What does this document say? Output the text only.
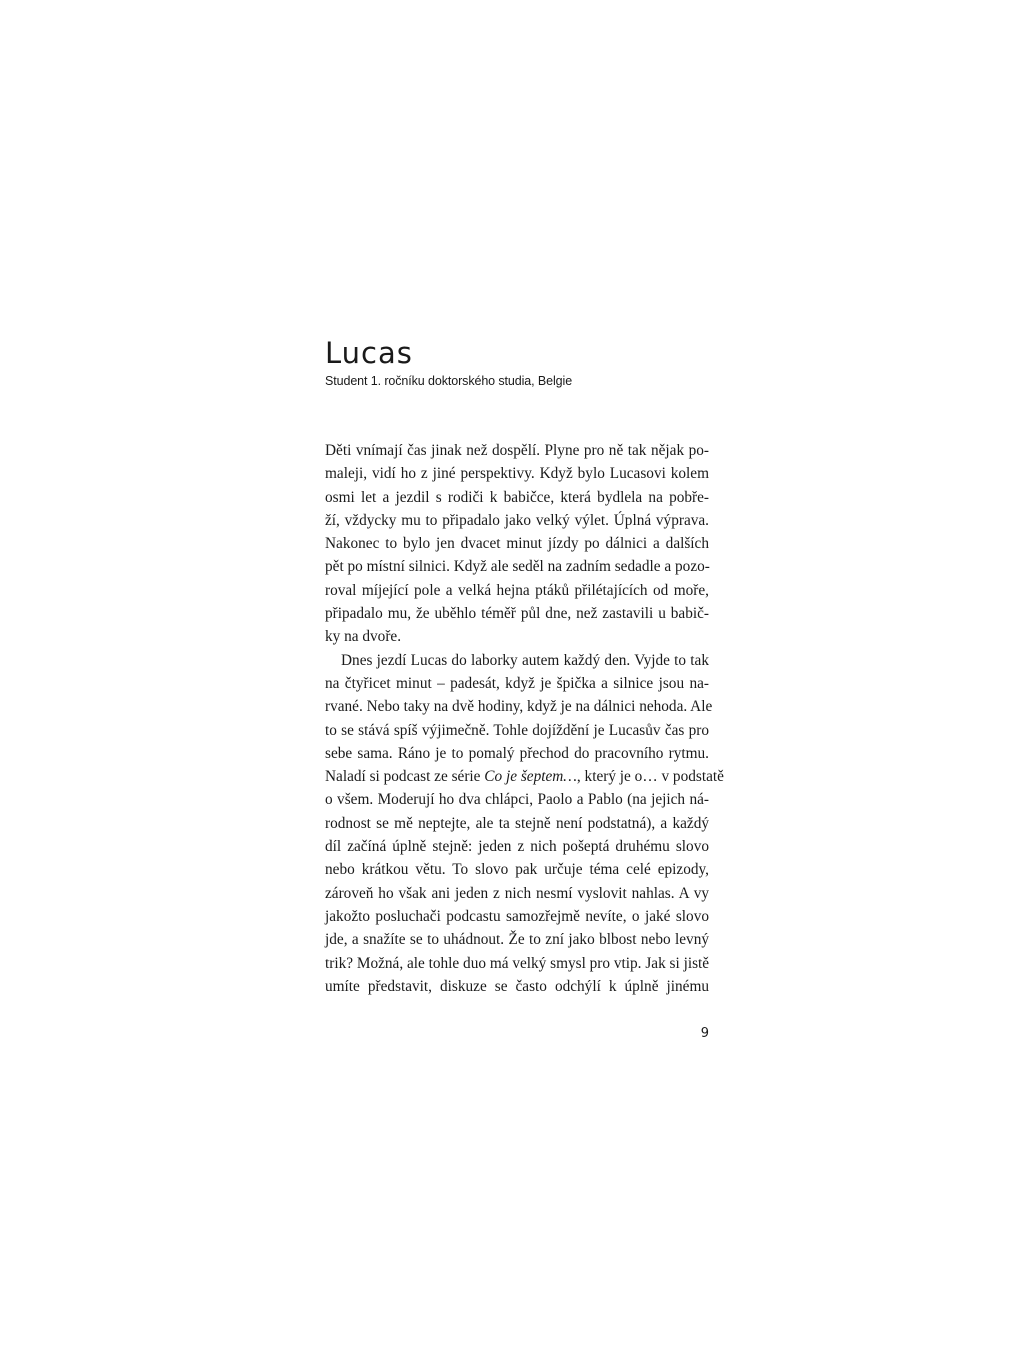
Lucas

Student 1. ročníku doktorského studia, Belgie

Děti vnímají čas jinak než dospělí. Plyne pro ně tak nějak po-
maleji, vidí ho z jiné perspektivy. Když bylo Lucasovi kolem
osmi let a jezdil s rodiči k babičce, která bydlela na pobře-
ží, vždycky mu to připadalo jako velký výlet. Úplná výprava.
Nakonec to bylo jen dvacet minut jízdy po dálnici a dalších
pět po místní silnici. Když ale seděl na zadním sedadle a pozo-
roval míjející pole a velká hejna ptáků přilétajících od moře,
připadalo mu, že uběhlo téměř půl dne, než zastavili u babič-
ky na dvoře.
Dnes jezdí Lucas do laborky autem každý den. Vyjde to tak
na čtyřicet minut – padesát, když je špička a silnice jsou na-
rvané. Nebo taky na dvě hodiny, když je na dálnici nehoda. Ale
to se stává spíš výjimečně. Tohle dojíždění je Lucasův čas pro
sebe sama. Ráno je to pomalý přechod do pracovního rytmu.
Naladí si podcast ze série Co je šeptem…, který je o… v podstatě
o všem. Moderují ho dva chlápci, Paolo a Pablo (na jejich ná-
rodnost se mě neptejte, ale ta stejně není podstatná), a každý
díl začíná úplně stejně: jeden z nich pošeptá druhému slovo
nebo krátkou větu. To slovo pak určuje téma celé epizody,
zároveň ho však ani jeden z nich nesmí vyslovit nahlas. A vy
jakožto posluchači podcastu samozřejmě nevíte, o jaké slovo
jde, a snažíte se to uhádnout. Že to zní jako blbost nebo levný
trik? Možná, ale tohle duo má velký smysl pro vtip. Jak si jistě
umíte představit, diskuze se často odchýlí k úplně jinému
9
